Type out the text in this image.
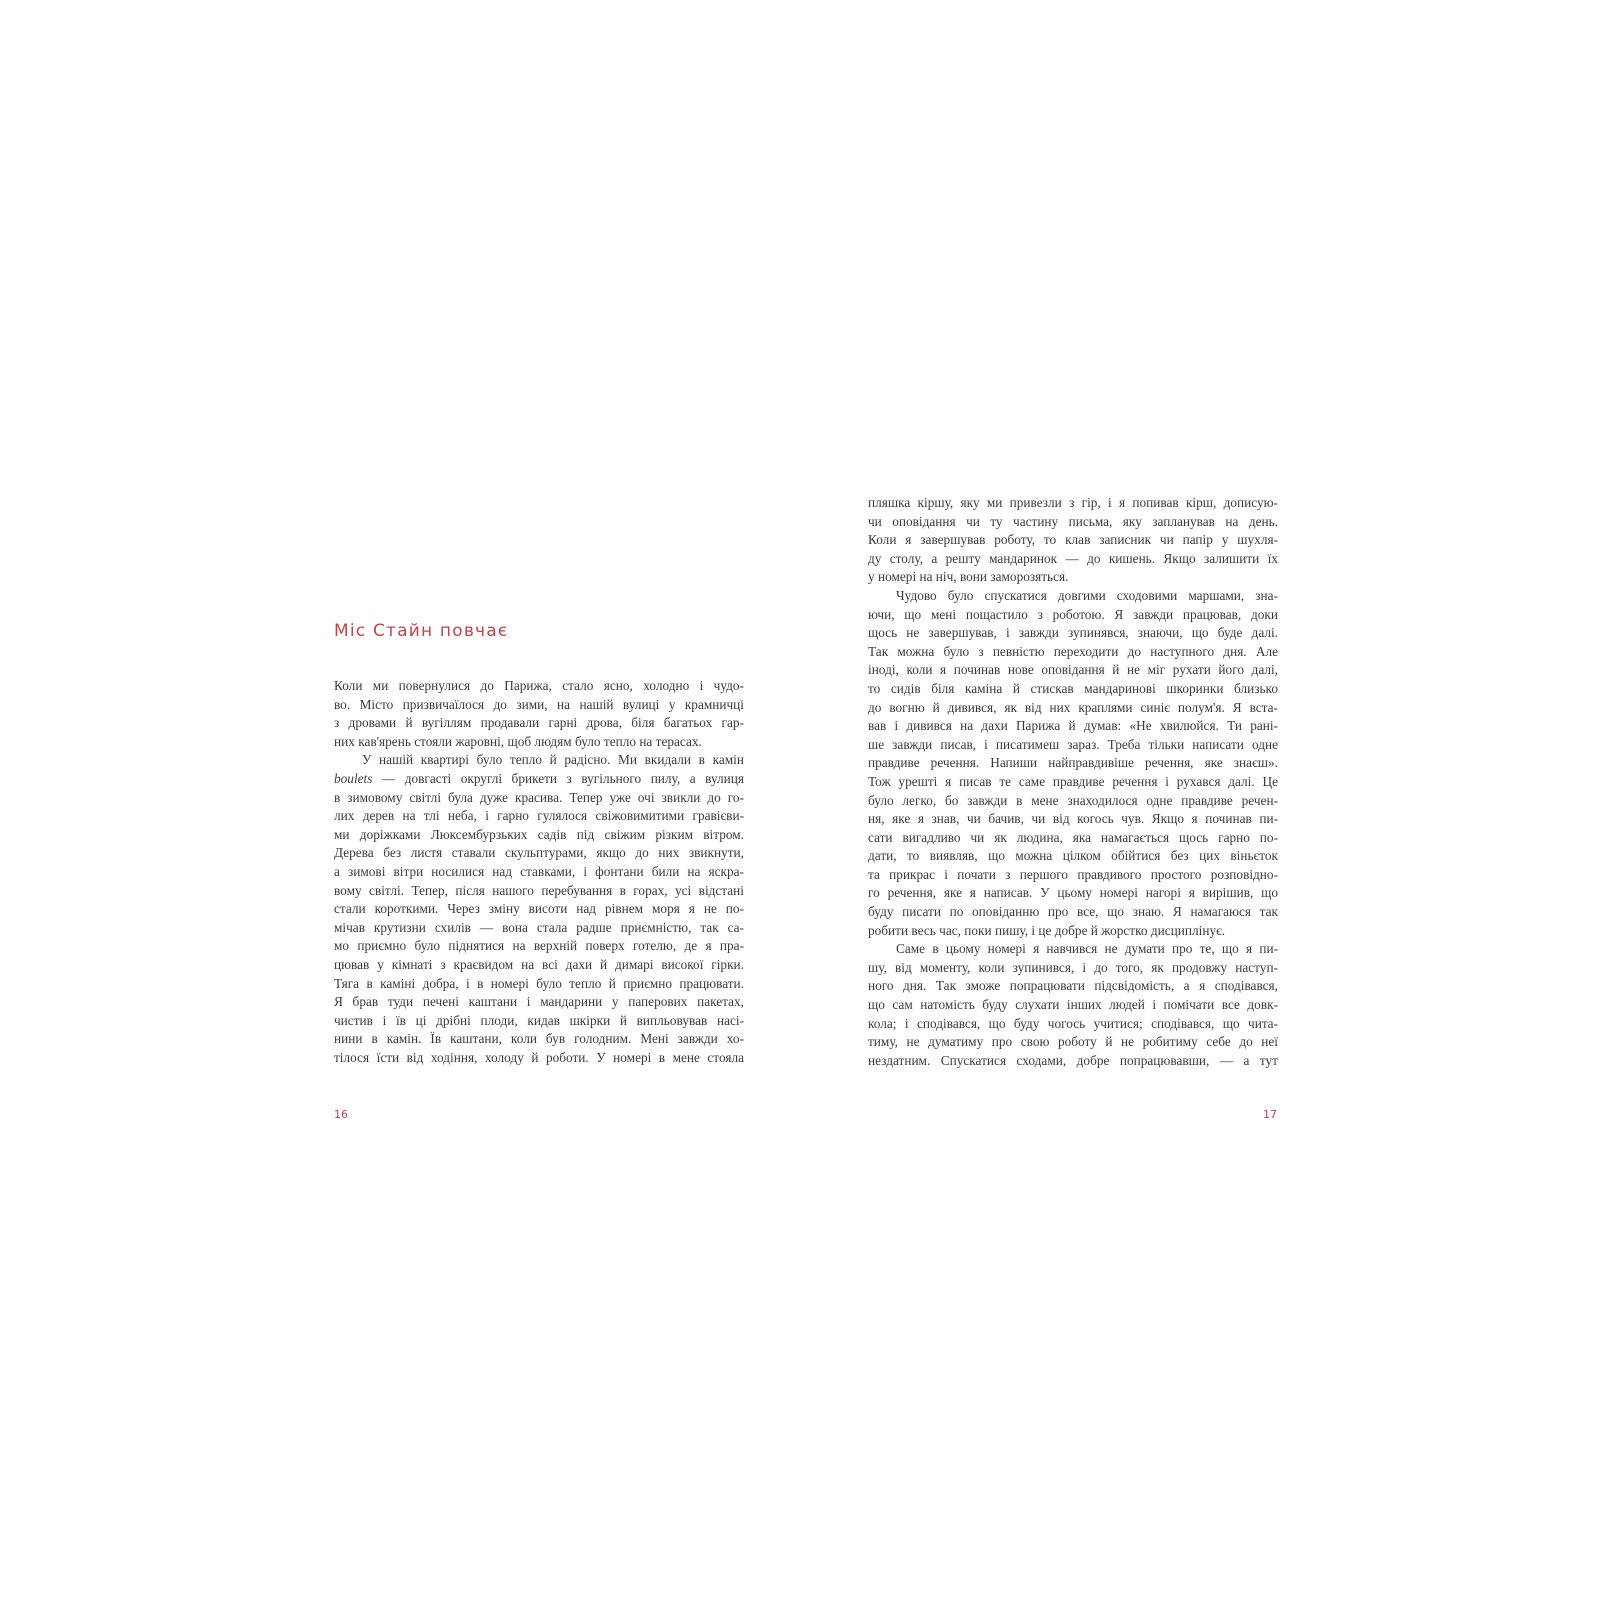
Міс Стайн повчає
Коли ми повернулися до Парижа, стало ясно, холодно і чудо-
во. Місто призвичаїлося до зими, на нашій вулиці у крамничці
з дровами й вугіллям продавали гарні дрова, біля багатьох гар-
них кав'ярень стояли жаровні, щоб людям було тепло на терасах.
У нашій квартирі було тепло й радісно. Ми вкидали в камін
boulets — довгасті округлі брикети з вугільного пилу, а вулиця
в зимовому світлі була дуже красива. Тепер уже очі звикли до го-
лих дерев на тлі неба, і гарно гулялося свіжовимитими гравієви-
ми доріжками Люксембурзьких садів під свіжим різким вітром.
Дерева без листя ставали скульптурами, якщо до них звикнути,
а зимові вітри носилися над ставками, і фонтани били на яскра-
вому світлі. Тепер, після нашого перебування в горах, усі відстані
стали короткими. Через зміну висоти над рівнем моря я не по-
мічав крутизни схилів — вона стала радше приємністю, так са-
мо приємно було піднятися на верхній поверх готелю, де я пра-
цював у кімнаті з краєвидом на всі дахи й димарі високої гірки.
Тяга в каміні добра, і в номері було тепло й приємно працювати.
Я брав туди печені каштани і мандарини у паперових пакетах,
чистив і їв ці дрібні плоди, кидав шкірки й випльовував насі-
нини в камін. Їв каштани, коли був голодним. Мені завжди хо-
тілося їсти від ходіння, холоду й роботи. У номері в мене стояла
пляшка кіршу, яку ми привезли з гір, і я попивав кірш, дописую-
чи оповідання чи ту частину письма, яку запланував на день.
Коли я завершував роботу, то клав записник чи папір у шухля-
ду столу, а решту мандаринок — до кишень. Якщо залишити їх
у номері на ніч, вони заморозяться.
Чудово було спускатися довгими сходовими маршами, зна-
ючи, що мені пощастило з роботою. Я завжди працював, доки
щось не завершував, і завжди зупинявся, знаючи, що буде далі.
Так можна було з певністю переходити до наступного дня. Але
іноді, коли я починав нове оповідання й не міг рухати його далі,
то сидів біля каміна й стискав мандаринові шкоринки близько
до вогню й дивився, як від них краплями синіє полум'я. Я вста-
вав і дивився на дахи Парижа й думав: «Не хвилюйся. Ти рані-
ше завжди писав, і писатимеш зараз. Треба тільки написати одне
правдиве речення. Напиши найправдивіше речення, яке знаєш».
Тож урешті я писав те саме правдиве речення і рухався далі. Це
було легко, бо завжди в мене знаходилося одне правдиве речен-
ня, яке я знав, чи бачив, чи від когось чув. Якщо я починав пи-
сати вигадливо чи як людина, яка намагається щось гарно по-
дати, то виявляв, що можна цілком обійтися без цих віньєток
та прикрас і почати з першого правдивого простого розповідно-
го речення, яке я написав. У цьому номері нагорі я вирішив, що
буду писати по оповіданню про все, що знаю. Я намагаюся так
робити весь час, поки пишу, і це добре й жорстко дисциплінує.
Саме в цьому номері я навчився не думати про те, що я пи-
шу, від моменту, коли зупинився, і до того, як продовжу наступ-
ного дня. Так зможе попрацювати підсвідомість, а я сподівався,
що сам натомість буду слухати інших людей і помічати все довк-
кола; і сподівався, що буду чогось учитися; сподівався, що читa-
тиму, не думатиму про свою роботу й не робитиму себе до неї
нездатним. Спускатися сходами, добре попрацювавши, — а тут
16	17
